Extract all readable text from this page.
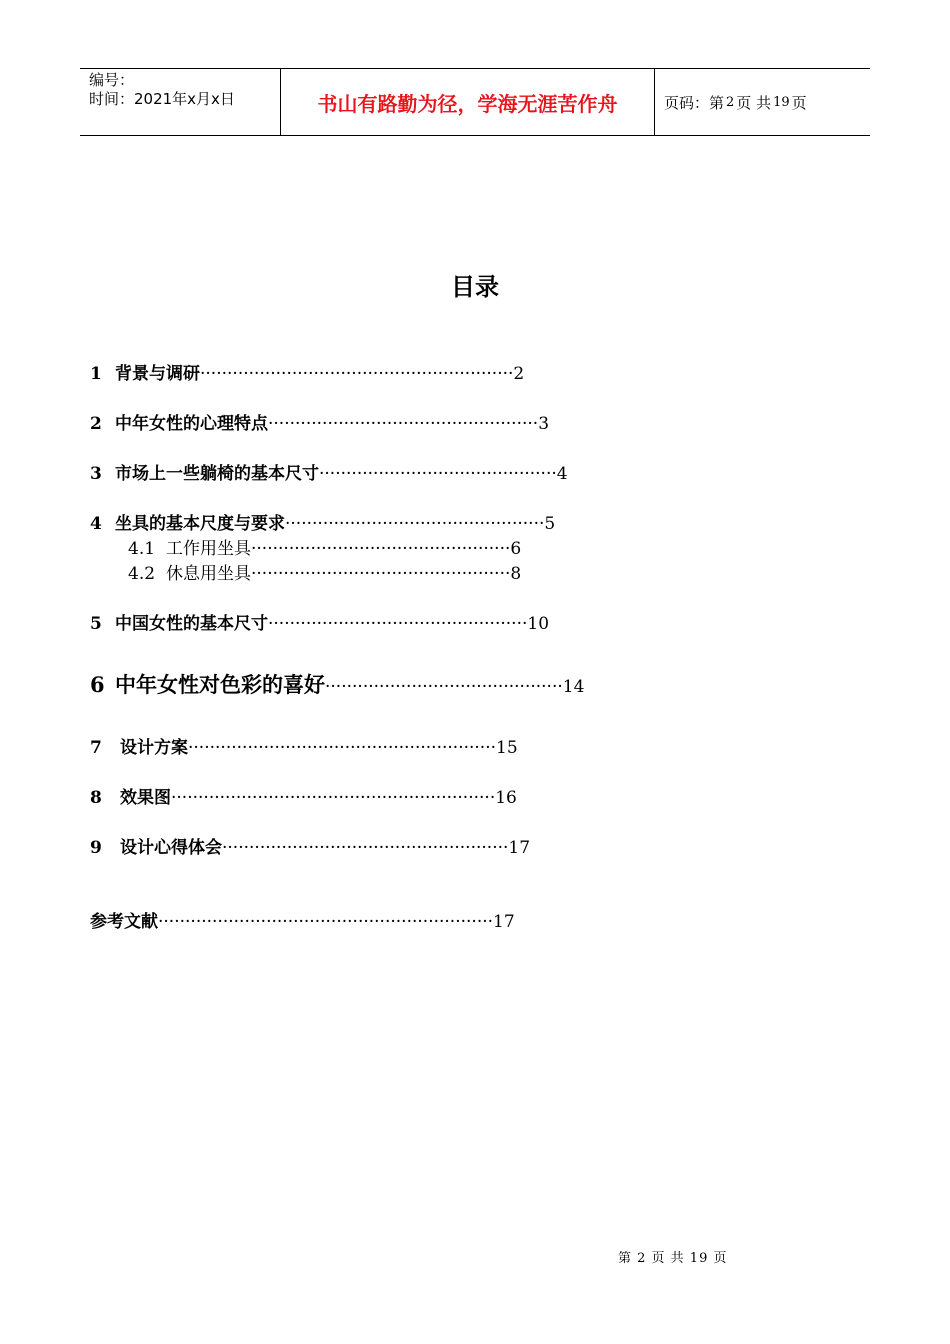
编号：
时间：2021年x月x日	书山有路勤为径，学海无涯苦作舟	页码：第 2 页 共 19 页
目录
1 背景与调研··························································2
2 中年女性的心理特点··················································3
3 市场上一些躺椅的基本尺寸············································4
4 坐具的基本尺度与要求················································5
4.1 工作用坐具················································6
4.2 休息用坐具················································8
5 中国女性的基本尺寸················································10
6 中年女性对色彩的喜好············································14
7 设计方案·························································15
8 效果图····························································16
9 设计心得体会·····················································17
参考文献······························································17
第 2 页 共 19 页
